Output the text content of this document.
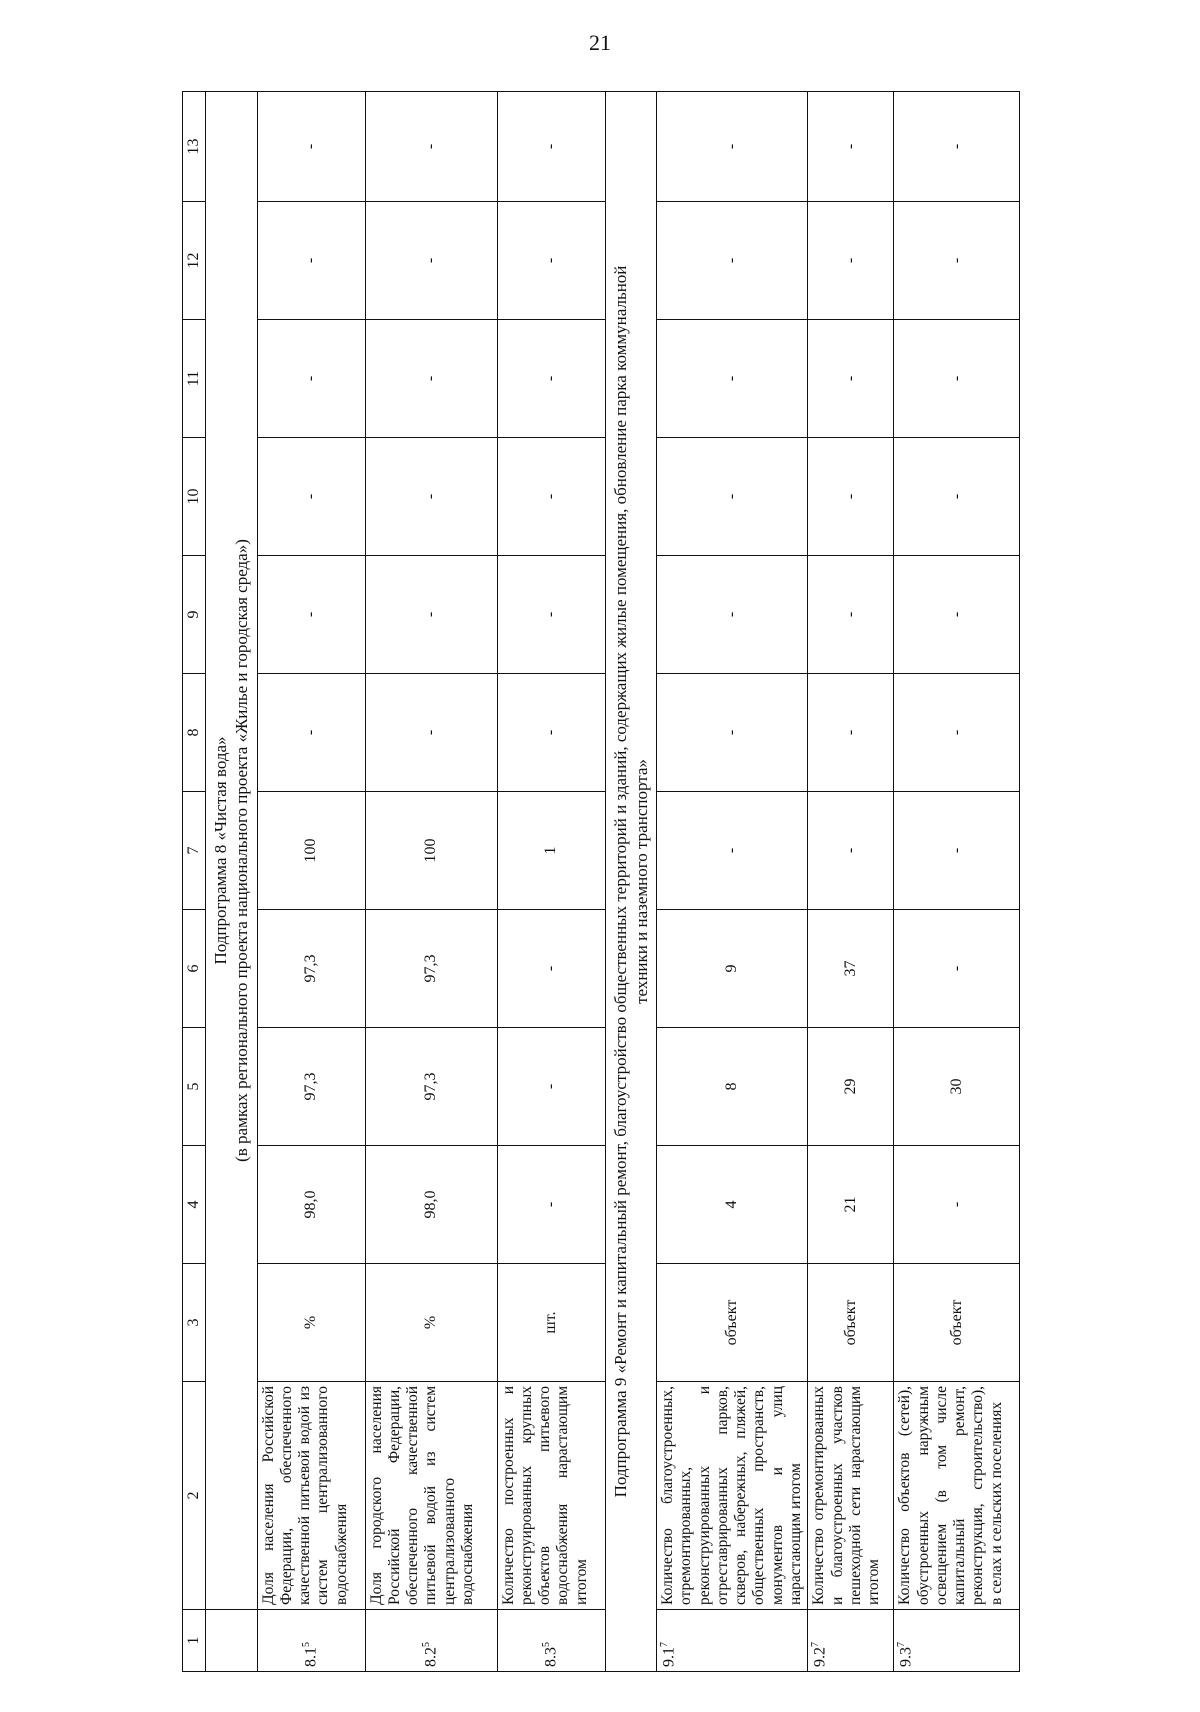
21
1	2	3	4	5	6	7	8	9	10	11	12	13

	Подпрограмма 8 «Чистая вода» (в рамках регионального проекта национального проекта «Жилье и городская среда»)											

$8.1^5$	Доля населения Российской Федерации, обеспеченного качественной питьевой водой из систем централизованного водоснабжения	%	98,0	97,3	97,3	100	-	-	-	-	-	-
$8.2^5$	Доля городского населения Российской Федерации, обеспеченного качественной питьевой водой из систем централизованного водоснабжения	%	98,0	97,3	97,3	100	-	-	-	-	-	-
$8.3^5$	Количество построенных и реконструированных крупных объектов питьевого водоснабжения нарастающим итогом	шт.	-	-	-	1	-	-	-	-	-	-

Подпрограмма 9 «Ремонт и капитальный ремонт, благоустройство общественных территорий и зданий, содержащих жилые помещения, обновление парка коммунальной техники и наземного транспорта»												

$9.1^7$	Количество благоустроенных, отремонтированных, реконструированных и отреставрированных парков, скверов, набережных, пляжей, общественных пространств, монументов и улиц нарастающим итогом	объект	4	8	9	-	-	-	-	-	-	-
$9.2^7$	Количество отремонтированных и благоустроенных участков пешеходной сети нарастающим итогом	объект	21	29	37	-	-	-	-	-	-	-
$9.3^7$	Количество объектов (сетей), обустроенных наружным освещением (в том числе капитальный ремонт, реконструкция, строительство), в селах и сельских поселениях	объект	-	30	-	-	-	-	-	-	-	-
